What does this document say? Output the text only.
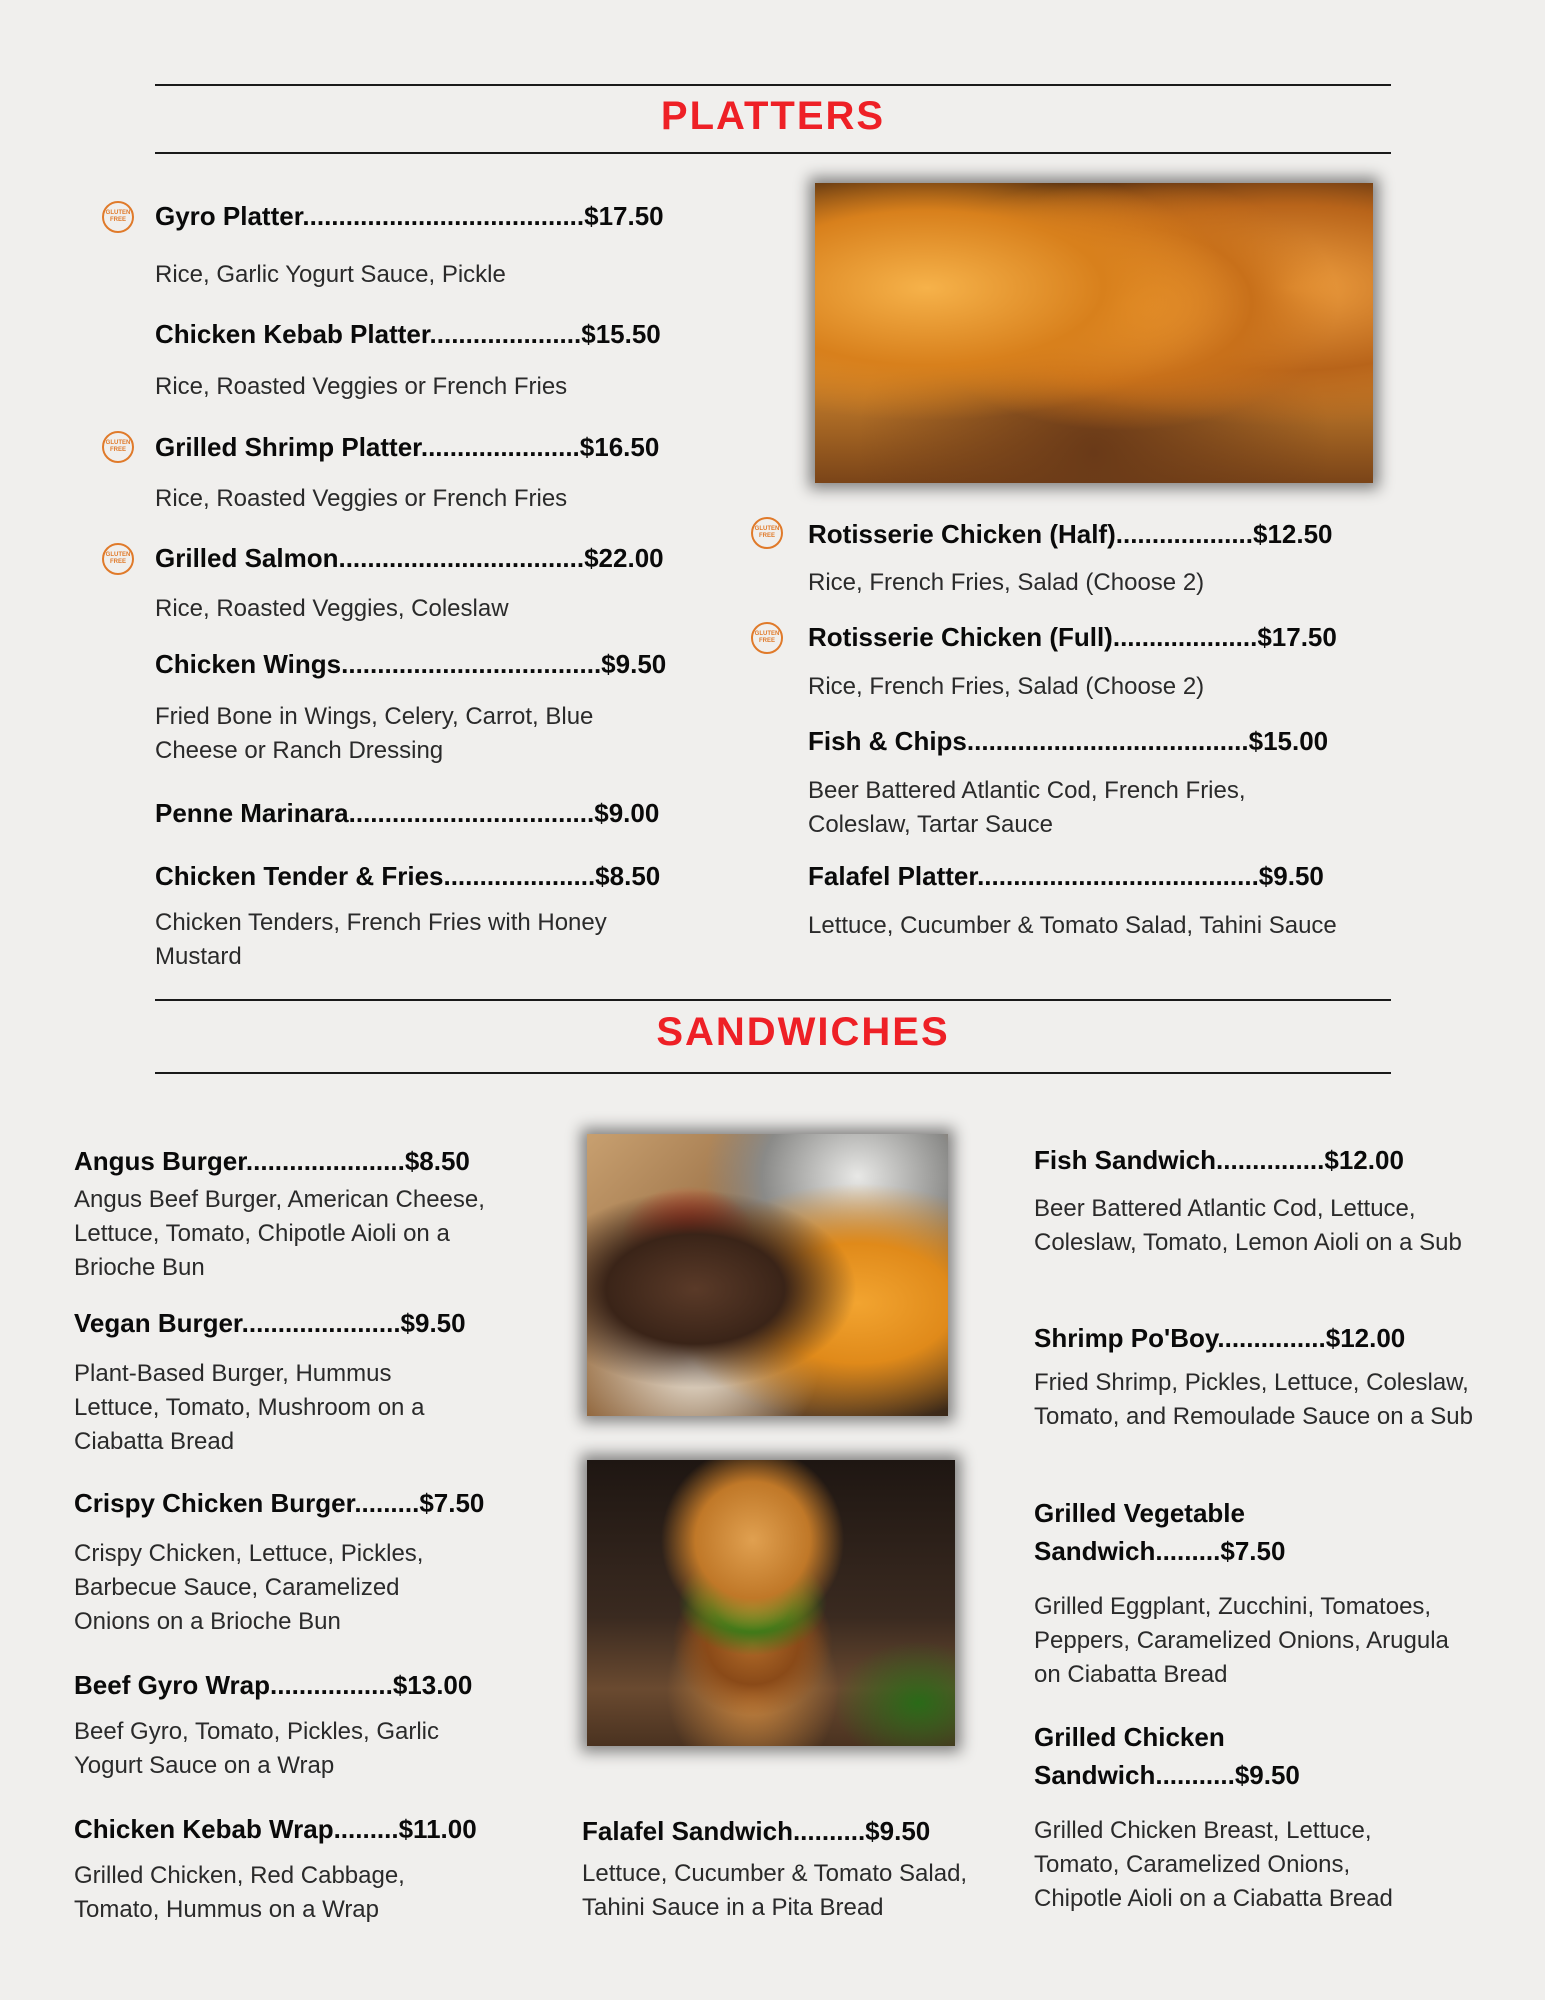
PLATTERS
GLUTEN
FREE Gyro Platter.......................................$17.50
Rice, Garlic Yogurt Sauce, Pickle
Chicken Kebab Platter.....................$15.50
Rice, Roasted Veggies or French Fries
GLUTEN
FREE Grilled Shrimp Platter......................$16.50
Rice, Roasted Veggies or French Fries
GLUTEN
FREE Grilled Salmon..................................$22.00
Rice, Roasted Veggies, Coleslaw
Chicken Wings....................................$9.50
Fried Bone in Wings, Celery, Carrot, Blue Cheese or Ranch Dressing
Penne Marinara..................................$9.00
Chicken Tender & Fries.....................$8.50
Chicken Tenders, French Fries with Honey Mustard
GLUTEN
FREE Rotisserie Chicken (Half)...................$12.50
Rice, French Fries, Salad (Choose 2)
GLUTEN
FREE Rotisserie Chicken (Full)....................$17.50
Rice, French Fries, Salad (Choose 2)
Fish & Chips.......................................$15.00
Beer Battered Atlantic Cod, French Fries, Coleslaw, Tartar Sauce
Falafel Platter.......................................$9.50
Lettuce, Cucumber & Tomato Salad, Tahini Sauce
SANDWICHES
Angus Burger......................$8.50
Angus Beef Burger, American Cheese, Lettuce, Tomato, Chipotle Aioli on a Brioche Bun
Vegan Burger......................$9.50
Plant-Based Burger, Hummus Lettuce, Tomato, Mushroom on a Ciabatta Bread
Crispy Chicken Burger.........$7.50
Crispy Chicken, Lettuce, Pickles, Barbecue Sauce, Caramelized Onions on a Brioche Bun
Beef Gyro Wrap.................$13.00
Beef Gyro, Tomato, Pickles, Garlic Yogurt Sauce on a Wrap
Chicken Kebab Wrap.........$11.00
Grilled Chicken, Red Cabbage, Tomato, Hummus on a Wrap
Falafel Sandwich..........$9.50
Lettuce, Cucumber & Tomato Salad, Tahini Sauce in a Pita Bread
Fish Sandwich...............$12.00
Beer Battered Atlantic Cod, Lettuce, Coleslaw, Tomato, Lemon Aioli on a Sub
Shrimp Po'Boy...............$12.00
Fried Shrimp, Pickles, Lettuce, Coleslaw, Tomato, and Remoulade Sauce on a Sub
Grilled Vegetable Sandwich.........$7.50
Grilled Eggplant, Zucchini, Tomatoes, Peppers, Caramelized Onions, Arugula on Ciabatta Bread
Grilled Chicken Sandwich...........$9.50
Grilled Chicken Breast, Lettuce, Tomato, Caramelized Onions, Chipotle Aioli on a Ciabatta Bread
